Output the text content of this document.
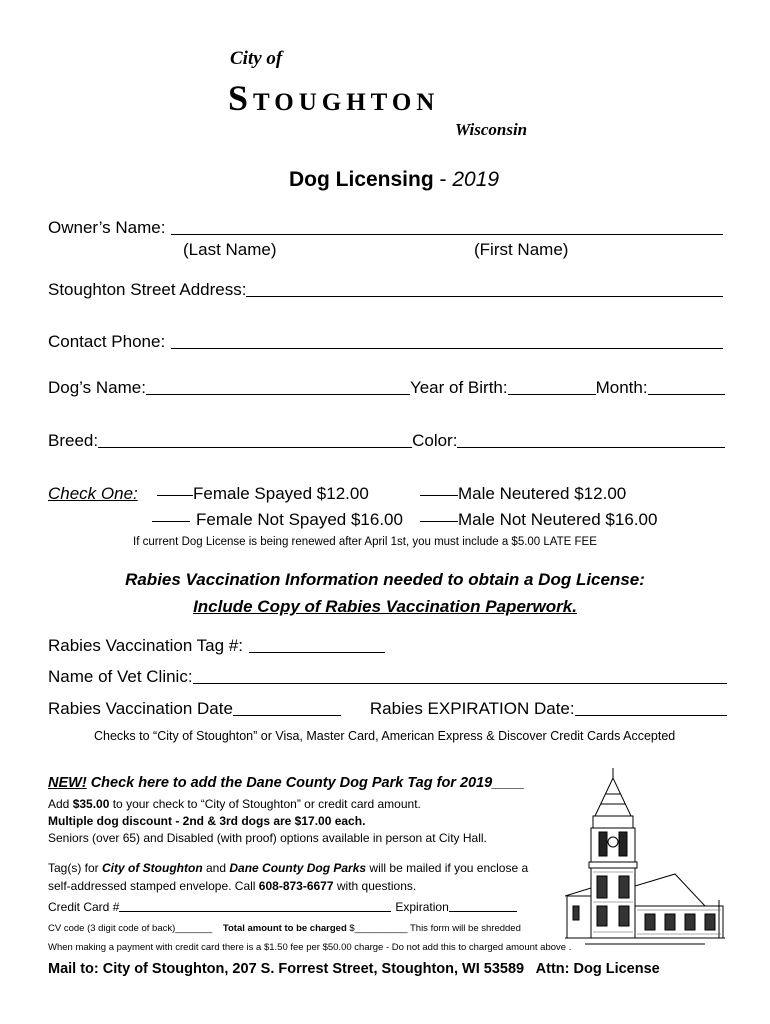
City of
Stoughton
Wisconsin
Dog Licensing - 2019
Owner’s Name:
(Last Name)	(First Name)
Stoughton Street Address:
Contact Phone:
Dog’s Name:	Year of Birth:	Month:
Breed:	Color:
Check One:	Female Spayed $12.00	Male Neutered $12.00
Female Not Spayed $16.00	Male Not Neutered $16.00
If current Dog License is being renewed after April 1st, you must include a $5.00 LATE FEE
Rabies Vaccination Information needed to obtain a Dog License:
Include Copy of Rabies Vaccination Paperwork.
Rabies Vaccination Tag #:
Name of Vet Clinic:
Rabies Vaccination Date	Rabies EXPIRATION Date:
Checks to “City of Stoughton” or Visa, Master Card, American Express & Discover Credit Cards Accepted
NEW! Check here to add the Dane County Dog Park Tag for 2019____
Add $35.00 to your check to “City of Stoughton” or credit card amount.
Multiple dog discount - 2nd & 3rd dogs are $17.00 each.
Seniors (over 65) and Disabled (with proof) options available in person at City Hall.
Tag(s) for City of Stoughton and Dane County Dog Parks will be mailed if you enclose a
self-addressed stamped envelope. Call 608-873-6677 with questions.
Credit Card #	Expiration
CV code (3 digit code of back)_______ Total amount to be charged $__________ This form will be shredded
When making a payment with credit card there is a $1.50 fee per $50.00 charge - Do not add this to charged amount above .
Mail to: City of Stoughton, 207 S. Forrest Street, Stoughton, WI 53589   Attn: Dog License
